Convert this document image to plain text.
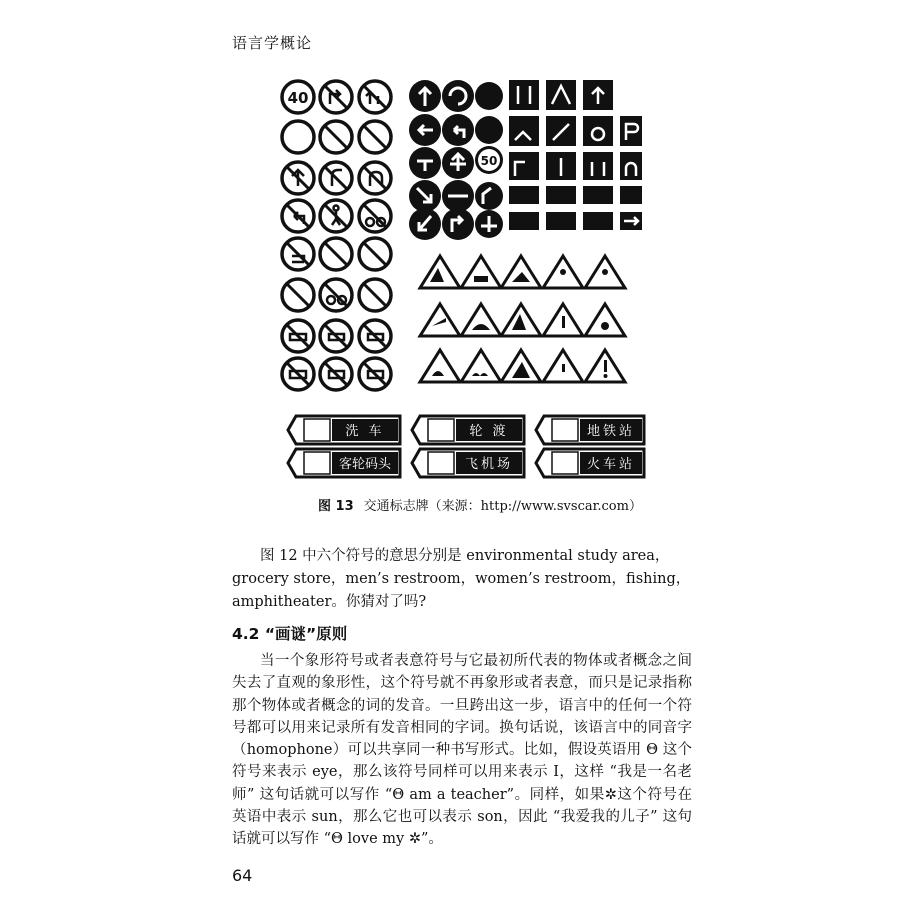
语言学概论
40
50
洗 车	轮 渡	地铁站
客轮码头	飞机场	火车站
图 13 交通标志牌（来源：http://www.svscar.com）

图 12 中六个符号的意思分别是 environmental study area，grocery store，men’s restroom，women’s restroom，fishing，amphitheater。你猜对了吗?

4.2 “画谜”原则

当一个象形符号或者表意符号与它最初所代表的物体或者概念之间失去了直观的象形性，这个符号就不再象形或者表意，而只是记录指称那个物体或者概念的词的发音。一旦跨出这一步，语言中的任何一个符号都可以用来记录所有发音相同的字词。换句话说，该语言中的同音字（homophone）可以共享同一种书写形式。比如，假设英语用 Θ 这个符号来表示 eye，那么该符号同样可以用来表示 I，这样 “我是一名老师” 这句话就可以写作 “Θ am a teacher”。同样，如果✲这个符号在英语中表示 sun，那么它也可以表示 son，因此 “我爱我的儿子” 这句话就可以写作 “Θ love my ✲”。

64
